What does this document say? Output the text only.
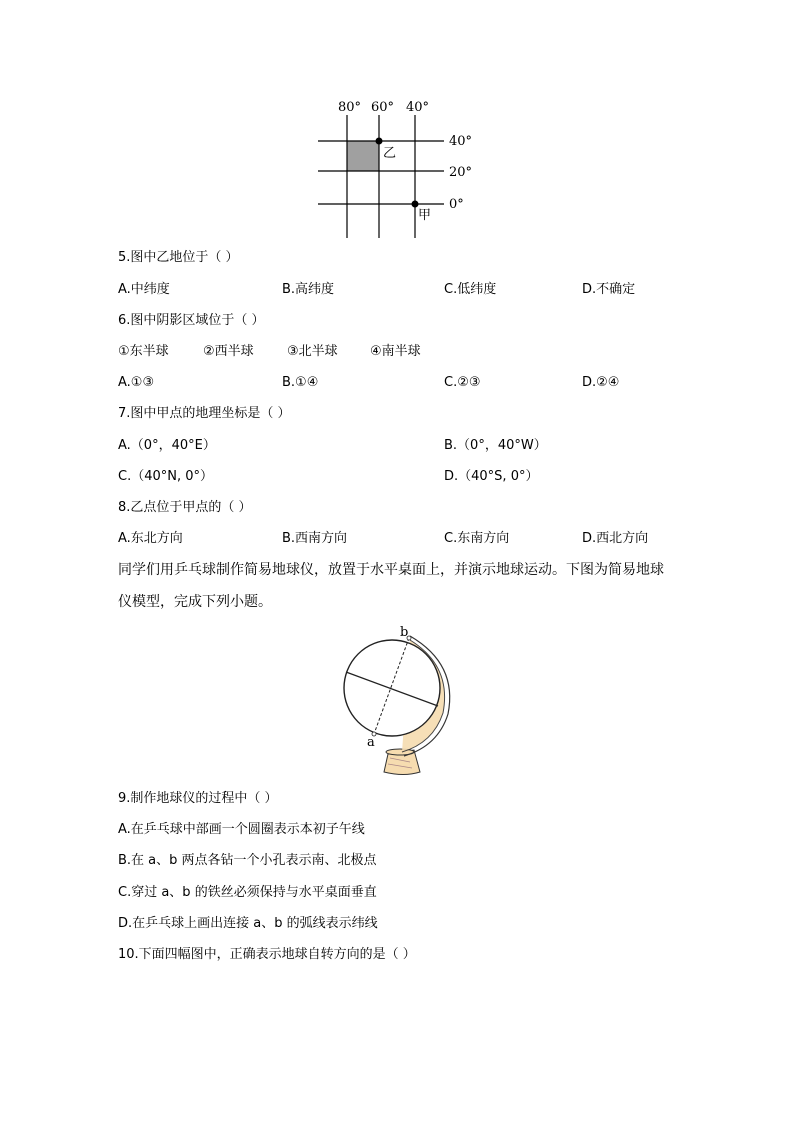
80° 60° 40°
40°
20°
0°
乙
甲
5.图中乙地位于（ ）
A.中纬度	B.高纬度	C.低纬度	D.不确定
6.图中阴影区域位于（ ）
①东半球	②西半球	③北半球 ④南半球
A.①③	B.①④	C.②③	D.②④
7.图中甲点的地理坐标是（ ）
A.（0°，40°E）	B.（0°，40°W）
C.（40°N, 0°）	D.（40°S, 0°）
8.乙点位于甲点的（ ）
A.东北方向	B.西南方向	C.东南方向	D.西北方向
同学们用乒乓球制作简易地球仪，放置于水平桌面上，并演示地球运动。下图为简易地球
仪模型，完成下列小题。
b
a
9.制作地球仪的过程中（ ）
A.在乒乓球中部画一个圆圈表示本初子午线
B.在 a、b 两点各钻一个小孔表示南、北极点
C.穿过 a、b 的铁丝必须保持与水平桌面垂直
D.在乒乓球上画出连接 a、b 的弧线表示纬线
10.下面四幅图中，正确表示地球自转方向的是（ ）
